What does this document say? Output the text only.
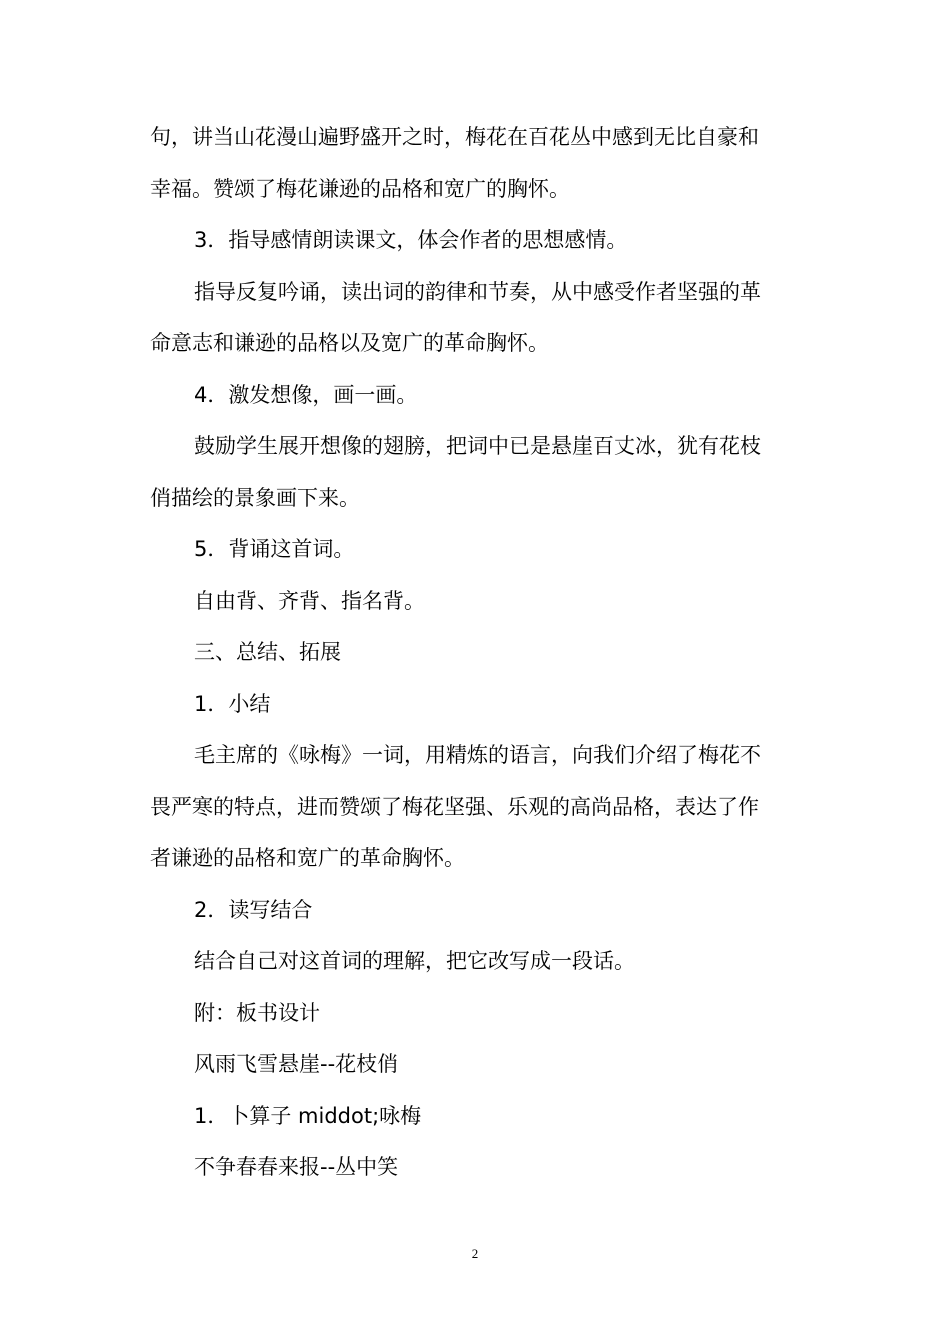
句，讲当山花漫山遍野盛开之时，梅花在百花丛中感到无比自豪和
幸福。赞颂了梅花谦逊的品格和宽广的胸怀。
3．指导感情朗读课文，体会作者的思想感情。
指导反复吟诵，读出词的韵律和节奏，从中感受作者坚强的革
命意志和谦逊的品格以及宽广的革命胸怀。
4．激发想像，画一画。
鼓励学生展开想像的翅膀，把词中已是悬崖百丈冰，犹有花枝
俏描绘的景象画下来。
5．背诵这首词。
自由背、齐背、指名背。
三、总结、拓展
1．小结
毛主席的《咏梅》一词，用精炼的语言，向我们介绍了梅花不
畏严寒的特点，进而赞颂了梅花坚强、乐观的高尚品格，表达了作
者谦逊的品格和宽广的革命胸怀。
2．读写结合
结合自己对这首词的理解，把它改写成一段话。
附：板书设计
风雨飞雪悬崖--花枝俏
1．卜算子 middot;咏梅
不争春春来报--丛中笑
2
